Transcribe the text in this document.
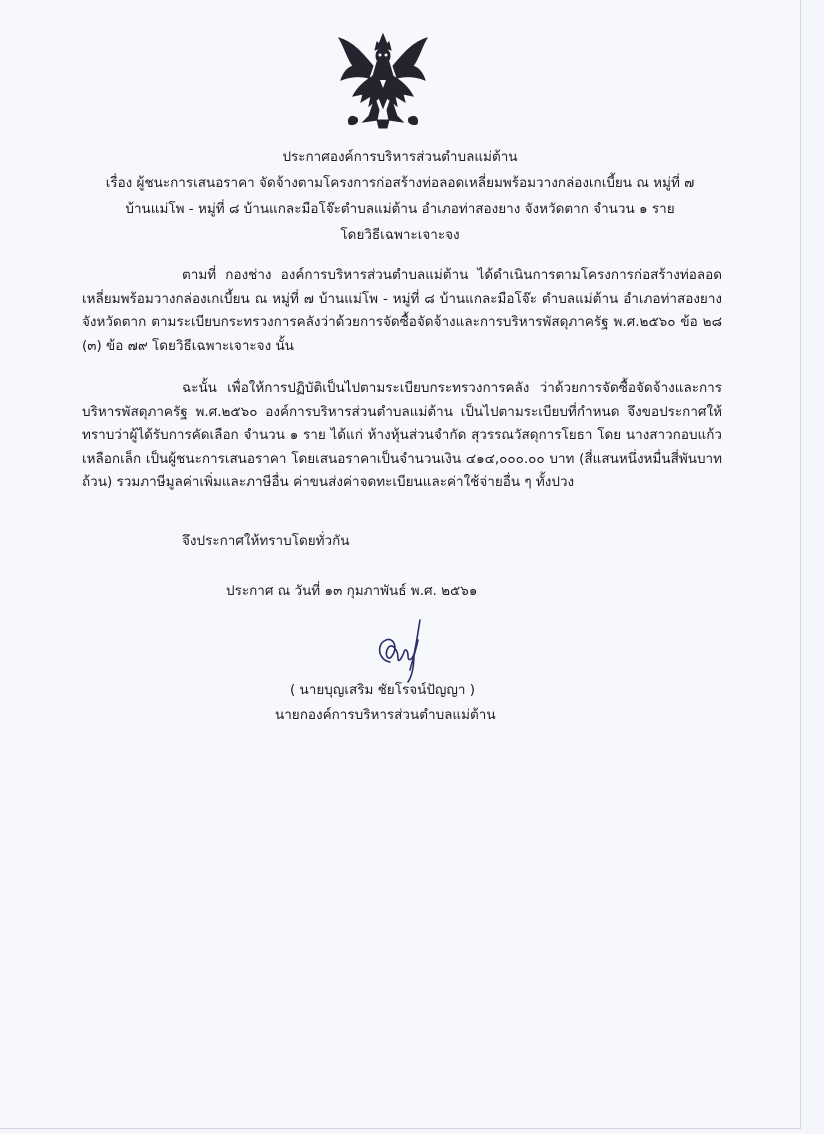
ประกาศองค์การบริหารส่วนตำบลแม่ต้าน
เรื่อง ผู้ชนะการเสนอราคา จัดจ้างตามโครงการก่อสร้างท่อลอดเหลี่ยมพร้อมวางกล่องเกเบี้ยน ณ หมู่ที่ ๗
บ้านแม่โพ - หมู่ที่ ๘ บ้านแกละมือโจ๊ะตำบลแม่ต้าน อำเภอท่าสองยาง จังหวัดตาก จำนวน ๑ ราย
โดยวิธีเฉพาะเจาะจง
ตามที่ กองช่าง องค์การบริหารส่วนตำบลแม่ต้าน ได้ดำเนินการตามโครงการก่อสร้างท่อลอดเหลี่ยมพร้อมวางกล่องเกเบี้ยน ณ หมู่ที่ ๗ บ้านแม่โพ - หมู่ที่ ๘ บ้านแกละมือโจ๊ะ ตำบลแม่ต้าน อำเภอท่าสองยาง จังหวัดตาก ตามระเบียบกระทรวงการคลังว่าด้วยการจัดซื้อจัดจ้างและการบริหารพัสดุภาครัฐ พ.ศ.๒๕๖๐ ข้อ ๒๘ (๓) ข้อ ๗๙ โดยวิธีเฉพาะเจาะจง นั้น
ฉะนั้น เพื่อให้การปฏิบัติเป็นไปตามระเบียบกระทรวงการคลัง ว่าด้วยการจัดซื้อจัดจ้างและการบริหารพัสดุภาครัฐ พ.ศ.๒๕๖๐ องค์การบริหารส่วนตำบลแม่ต้าน เป็นไปตามระเบียบที่กำหนด จึงขอประกาศให้ทราบว่าผู้ได้รับการคัดเลือก จำนวน ๑ ราย ได้แก่ ห้างหุ้นส่วนจำกัด สุวรรณวัสดุการโยธา โดย นางสาวกอบแก้ว เหลือกเล็ก เป็นผู้ชนะการเสนอราคา โดยเสนอราคาเป็นจำนวนเงิน ๔๑๔,๐๐๐.๐๐ บาท (สี่แสนหนึ่งหมื่นสี่พันบาทถ้วน) รวมภาษีมูลค่าเพิ่มและภาษีอื่น ค่าขนส่งค่าจดทะเบียนและค่าใช้จ่ายอื่น ๆ ทั้งปวง
จึงประกาศให้ทราบโดยทั่วกัน
ประกาศ ณ วันที่ ๑๓ กุมภาพันธ์ พ.ศ. ๒๕๖๑
( นายบุญเสริม ชัยโรจน์ปัญญา )
นายกองค์การบริหารส่วนตำบลแม่ต้าน
